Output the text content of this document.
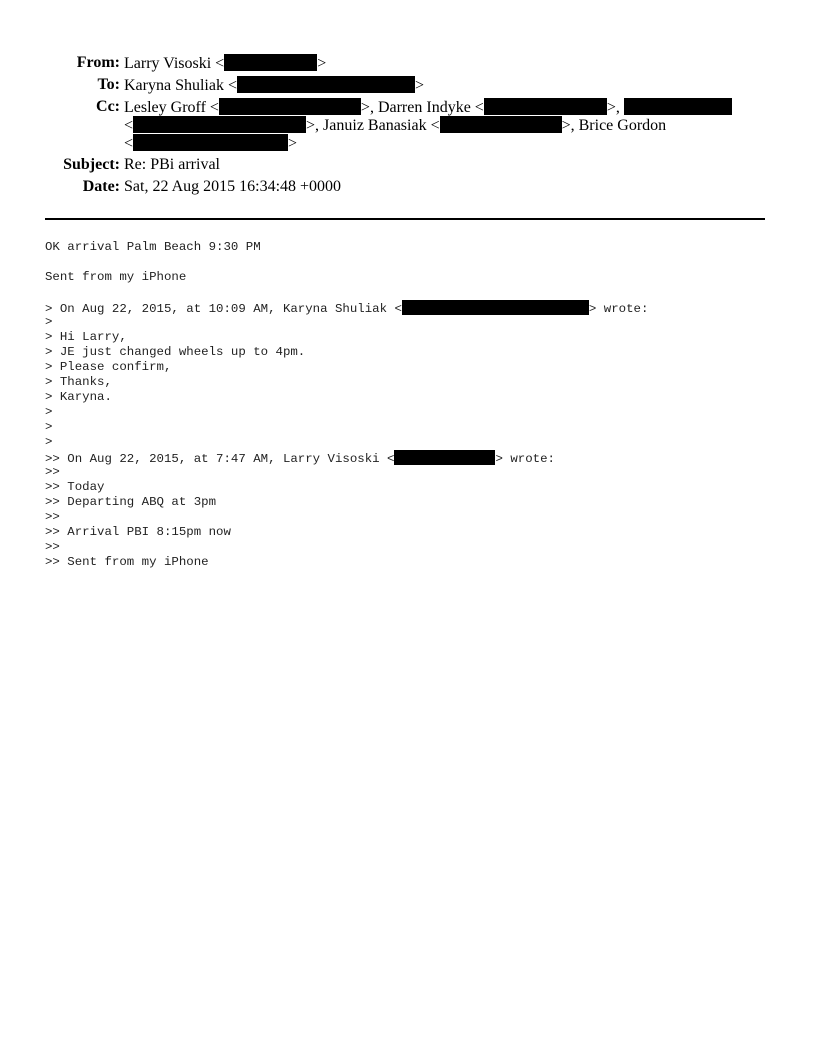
From: Larry Visoski <	>
To: Karyna Shuliak <	>
Cc: Lesley Groff <	>, Darren Indyke <	>,
<	>, Januiz Banasiak <	>, Brice Gordon
<	>
Subject: Re: PBi arrival
Date: Sat, 22 Aug 2015 16:34:48 +0000
OK arrival Palm Beach 9:30 PM
Sent from my iPhone
> On Aug 22, 2015, at 10:09 AM, Karyna Shuliak <	> wrote:
>
> Hi Larry,
> JE just changed wheels up to 4pm.
> Please confirm,
> Thanks,
> Karyna.
>
>
>
>> On Aug 22, 2015, at 7:47 AM, Larry Visoski <	> wrote:
>>
>> Today
>> Departing ABQ at 3pm
>>
>> Arrival PBI 8:15pm now
>>
>> Sent from my iPhone
